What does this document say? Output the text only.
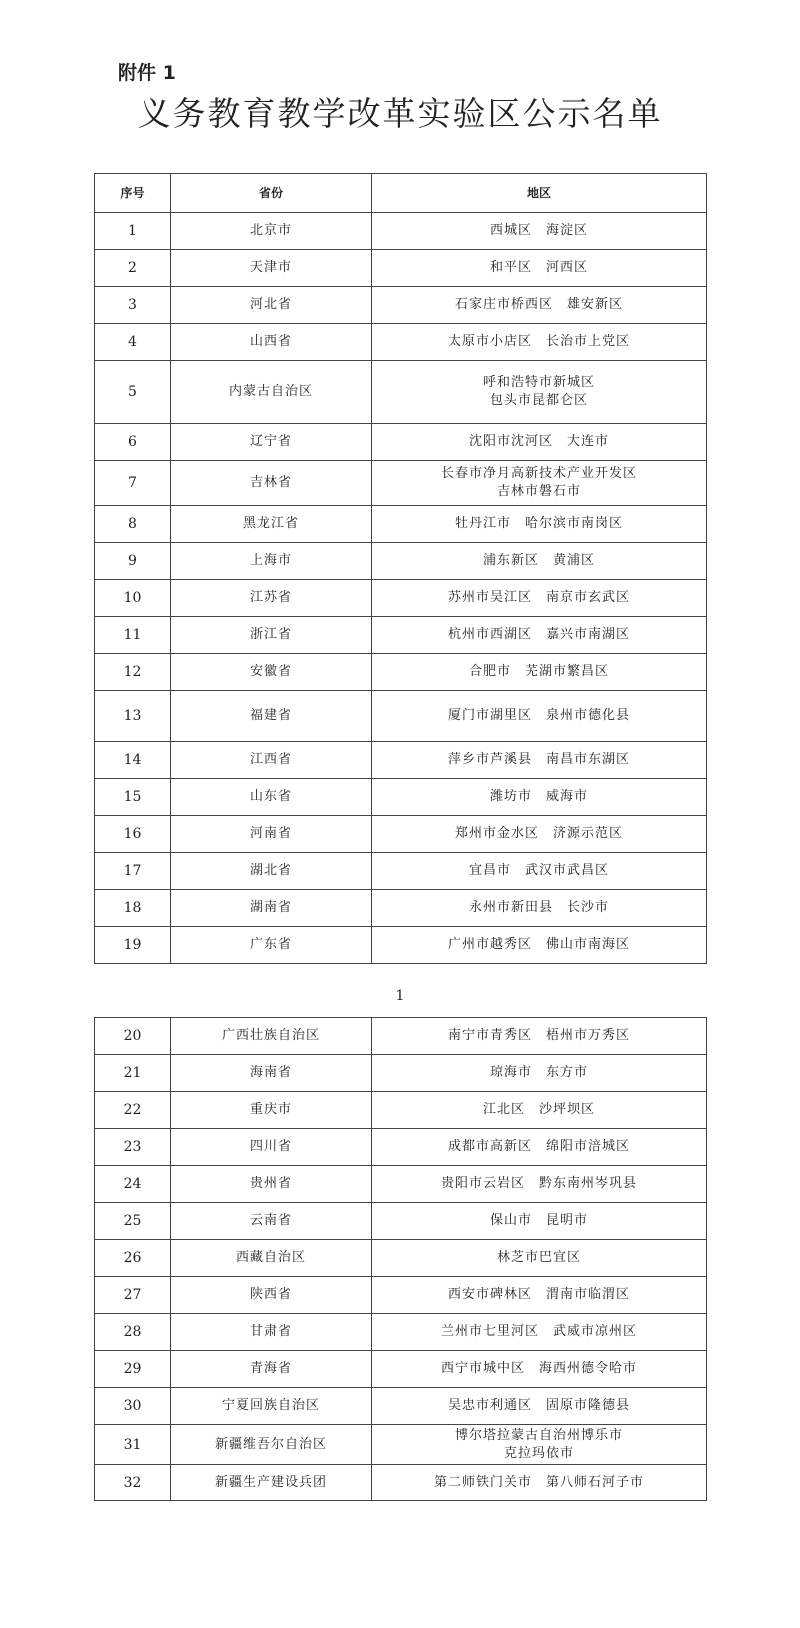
附件 1
义务教育教学改革实验区公示名单
序号	省份	地区
1	北京市	西城区　海淀区

2	天津市	和平区　河西区

3	河北省	石家庄市桥西区　雄安新区

4	山西省	太原市小店区　长治市上党区

5	内蒙古自治区	呼和浩特市新城区
包头市昆都仑区

6	辽宁省	沈阳市沈河区　大连市

7	吉林省	长春市净月高新技术产业开发区
吉林市磐石市

8	黑龙江省	牡丹江市　哈尔滨市南岗区

9	上海市	浦东新区　黄浦区

10	江苏省	苏州市吴江区　南京市玄武区

11	浙江省	杭州市西湖区　嘉兴市南湖区

12	安徽省	合肥市　芜湖市繁昌区

13	福建省	厦门市湖里区　泉州市德化县

14	江西省	萍乡市芦溪县　南昌市东湖区

15	山东省	潍坊市　威海市

16	河南省	郑州市金水区　济源示范区

17	湖北省	宜昌市　武汉市武昌区

18	湖南省	永州市新田县　长沙市

19	广东省	广州市越秀区　佛山市南海区
1
20	广西壮族自治区	南宁市青秀区　梧州市万秀区

21	海南省	琼海市　东方市

22	重庆市	江北区　沙坪坝区

23	四川省	成都市高新区　绵阳市涪城区

24	贵州省	贵阳市云岩区　黔东南州岑巩县

25	云南省	保山市　昆明市

26	西藏自治区	林芝市巴宜区

27	陕西省	西安市碑林区　渭南市临渭区

28	甘肃省	兰州市七里河区　武威市凉州区

29	青海省	西宁市城中区　海西州德令哈市

30	宁夏回族自治区	吴忠市利通区　固原市隆德县

31	新疆维吾尔自治区	博尔塔拉蒙古自治州博乐市
克拉玛依市

32	新疆生产建设兵团	第二师铁门关市　第八师石河子市
